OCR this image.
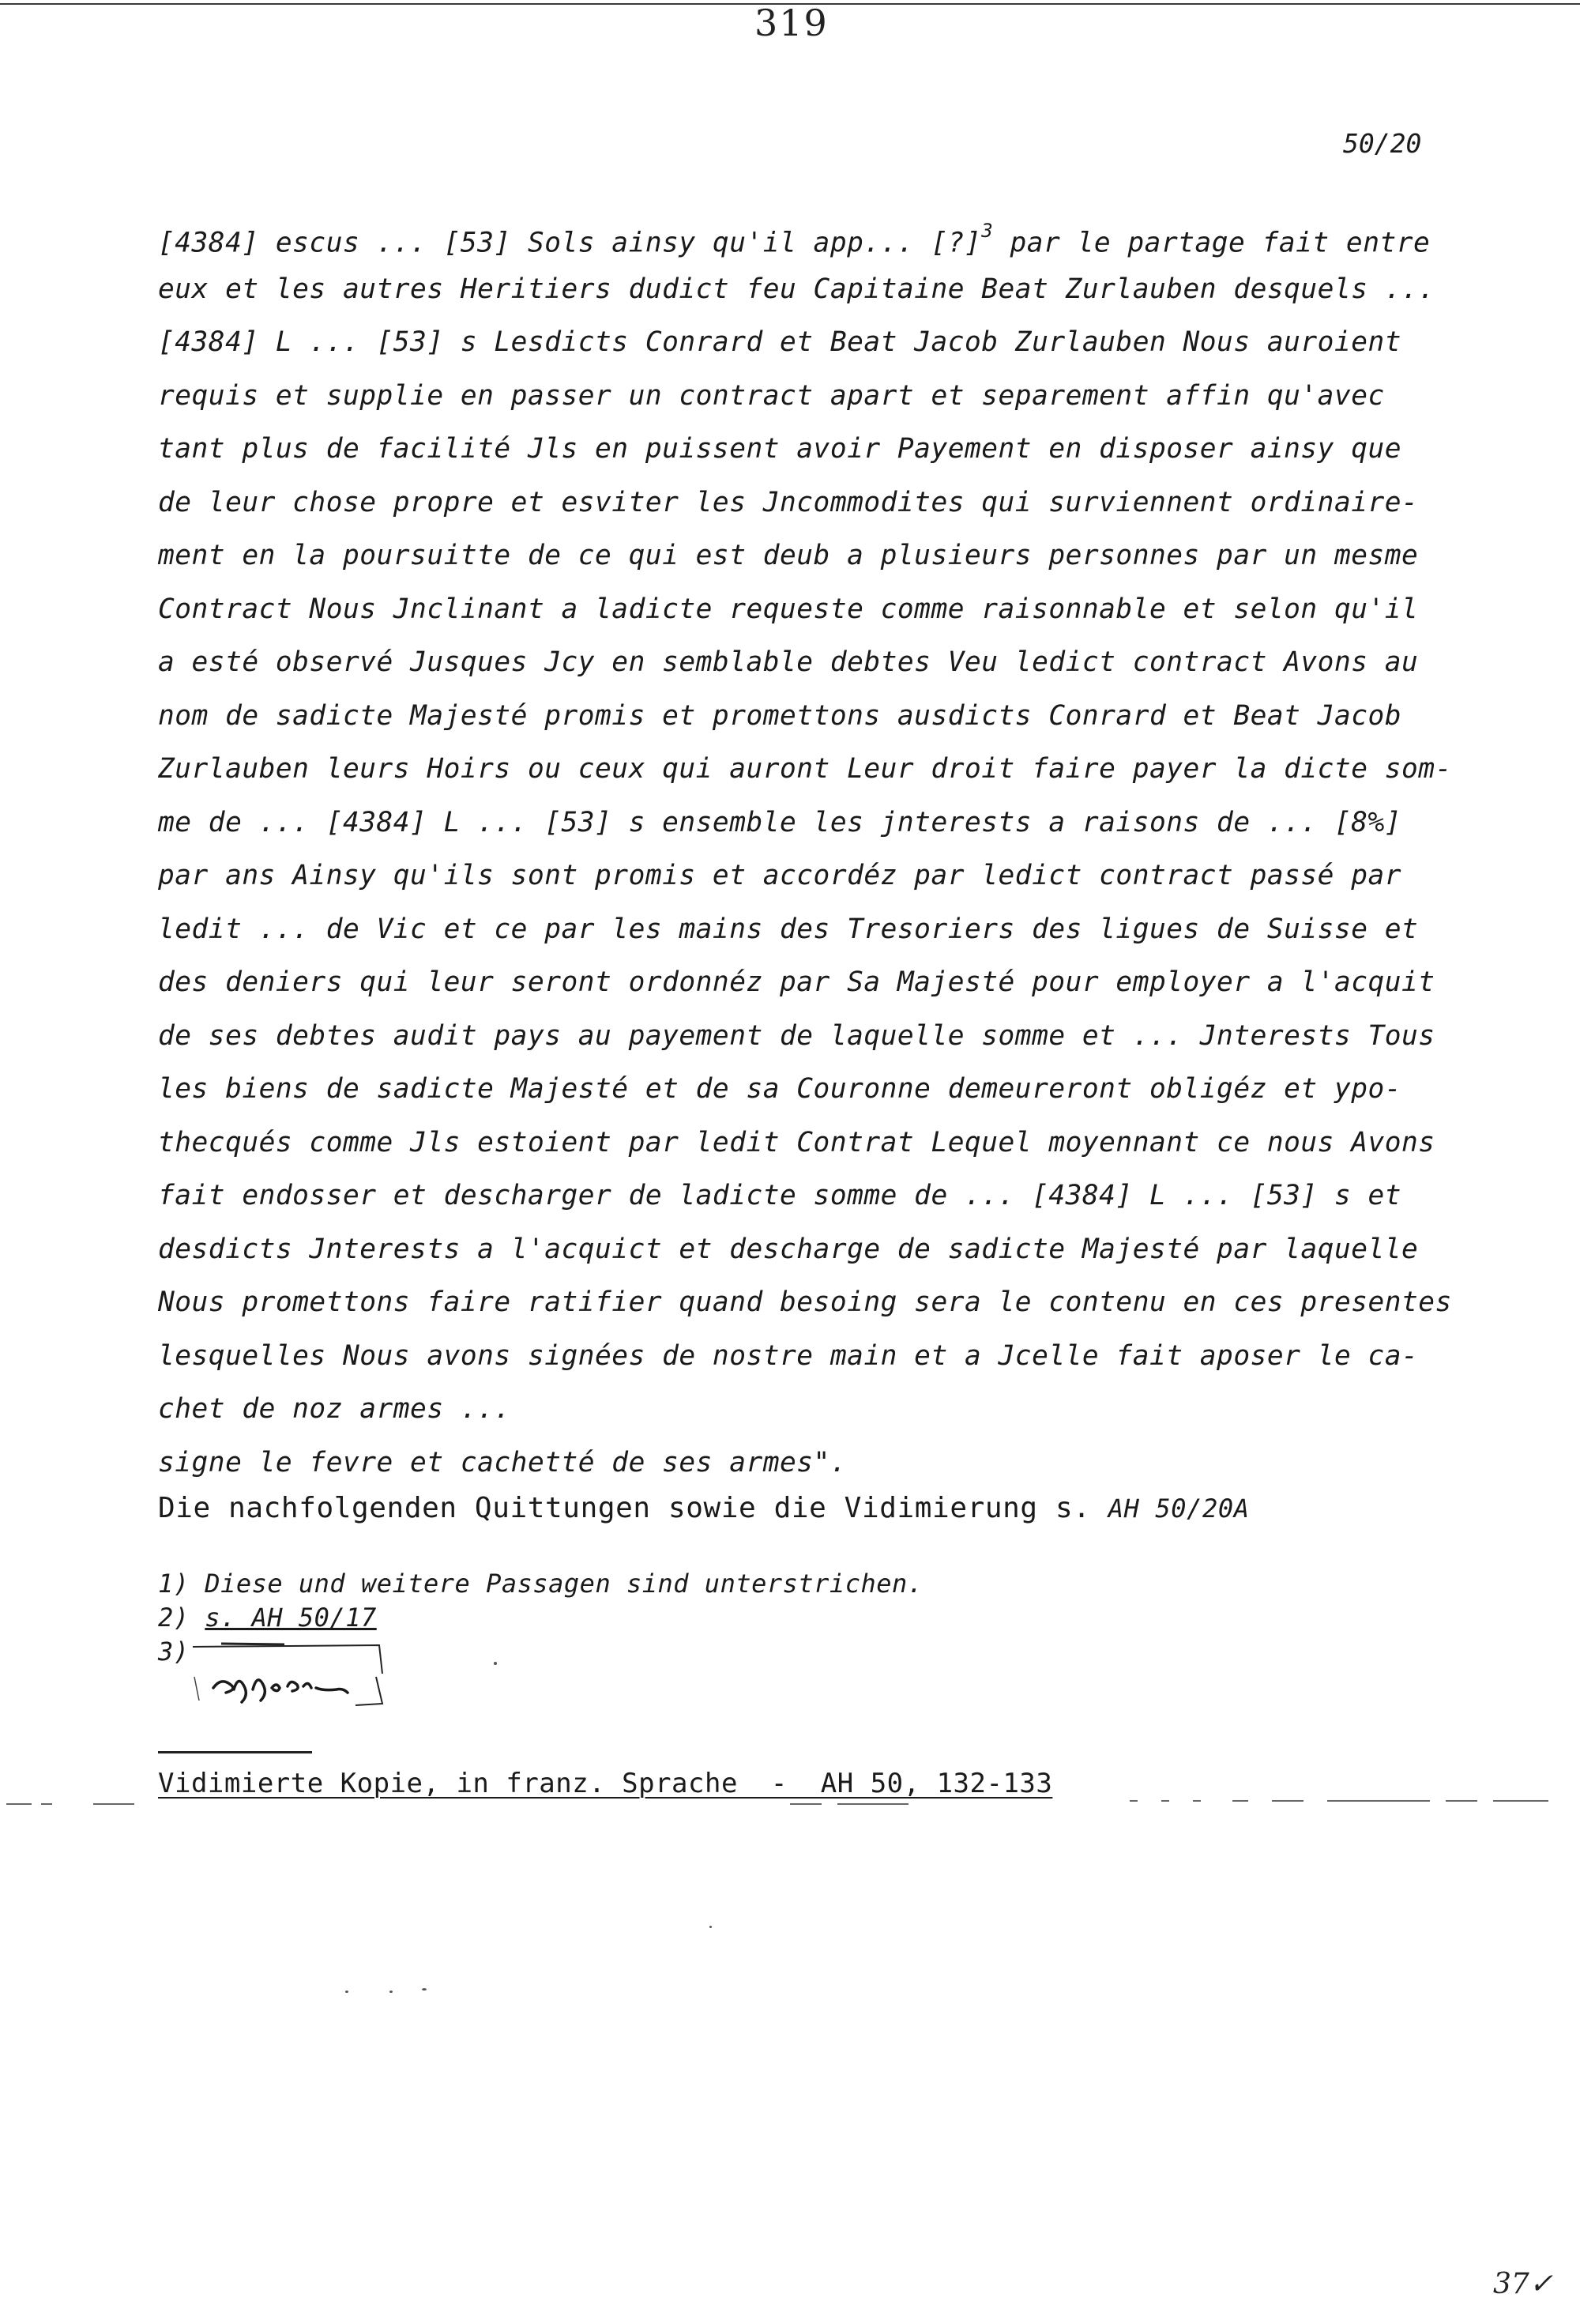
319
50/20
[4384] escus ... [53] Sols ainsy qu'il app... [?]$^3$ par le partage fait entre
eux et les autres Heritiers dudict feu Capitaine Beat Zurlauben desquels ...
[4384] L ... [53] s Lesdicts Conrard et Beat Jacob Zurlauben Nous auroient
requis et supplie en passer un contract apart et separement affin qu'avec
tant plus de facilité Jls en puissent avoir Payement en disposer ainsy que
de leur chose propre et esviter les Jncommodites qui surviennent ordinaire-
ment en la poursuitte de ce qui est deub a plusieurs personnes par un mesme
Contract Nous Jnclinant a ladicte requeste comme raisonnable et selon qu'il
a esté observé Jusques Jcy en semblable debtes Veu ledict contract Avons au
nom de sadicte Majesté promis et promettons ausdicts Conrard et Beat Jacob
Zurlauben leurs Hoirs ou ceux qui auront Leur droit faire payer la dicte som-
me de ... [4384] L ... [53] s ensemble les jnterests a raisons de ... [8%]
par ans Ainsy qu'ils sont promis et accordéz par ledict contract passé par
ledit ... de Vic et ce par les mains des Tresoriers des ligues de Suisse et
des deniers qui leur seront ordonnéz par Sa Majesté pour employer a l'acquit
de ses debtes audit pays au payement de laquelle somme et ... Jnterests Tous
les biens de sadicte Majesté et de sa Couronne demeureront obligéz et ypo-
thecqués comme Jls estoient par ledit Contrat Lequel moyennant ce nous Avons
fait endosser et descharger de ladicte somme de ... [4384] L ... [53] s et
desdicts Jnterests a l'acquict et descharge de sadicte Majesté par laquelle
Nous promettons faire ratifier quand besoing sera le contenu en ces presentes
lesquelles Nous avons signées de nostre main et a Jcelle fait aposer le ca-
chet de noz armes ...
signe le fevre et cachetté de ses armes".
Die nachfolgenden Quittungen sowie die Vidimierung s. AH 50/20A
1) Diese und weitere Passagen sind unterstrichen.
2) s. AH 50/17
3)
Vidimierte Kopie, in franz. Sprache  -  AH 50, 132-133
37✓
